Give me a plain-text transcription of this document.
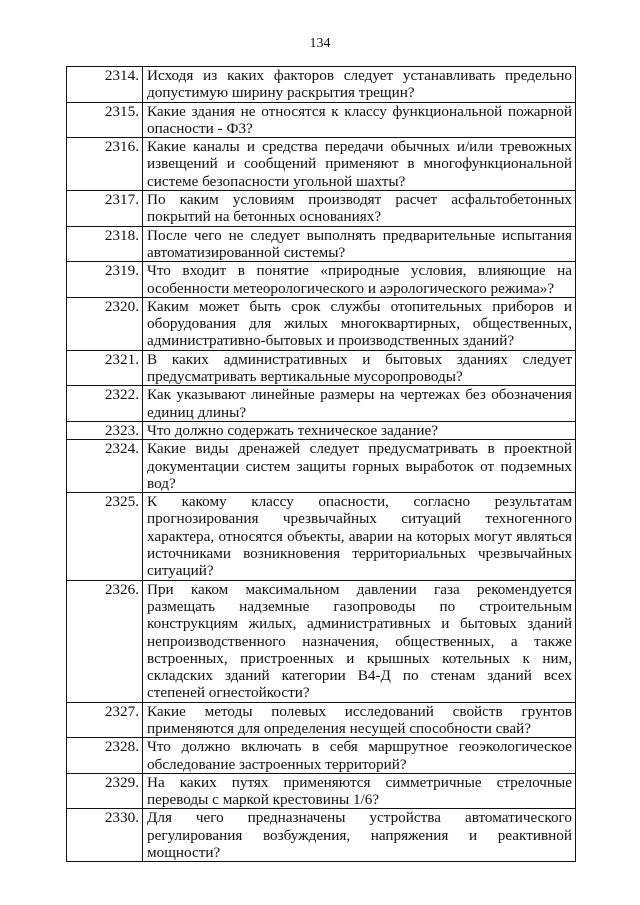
134
2314.	Исходя из каких факторов следует устанавливать предельно допустимую ширину раскрытия трещин?
2315.	Какие здания не относятся к классу функциональной пожарной опасности - Ф3?
2316.	Какие каналы и средства передачи обычных и/или тревожных извещений и сообщений применяют в многофункциональной системе безопасности угольной шахты?
2317.	По каким условиям производят расчет асфальтобетонных покрытий на бетонных основаниях?
2318.	После чего не следует выполнять предварительные испытания автоматизированной системы?
2319.	Что входит в понятие «природные условия, влияющие на особенности метеорологического и аэрологического режима»?
2320.	Каким может быть срок службы отопительных приборов и оборудования для жилых многоквартирных, общественных, административно-бытовых и производственных зданий?
2321.	В каких административных и бытовых зданиях следует предусматривать вертикальные мусоропроводы?
2322.	Как указывают линейные размеры на чертежах без обозначения единиц длины?
2323.	Что должно содержать техническое задание?
2324.	Какие виды дренажей следует предусматривать в проектной документации систем защиты горных выработок от подземных вод?
2325.	К какому классу опасности, согласно результатам прогнозирования чрезвычайных ситуаций техногенного характера, относятся объекты, аварии на которых могут являться источниками возникновения территориальных чрезвычайных ситуаций?
2326.	При каком максимальном давлении газа рекомендуется размещать надземные газопроводы по строительным конструкциям жилых, административных и бытовых зданий непроизводственного назначения, общественных, а также встроенных, пристроенных и крышных котельных к ним, складских зданий категории В4-Д по стенам зданий всех степеней огнестойкости?
2327.	Какие методы полевых исследований свойств грунтов применяются для определения несущей способности свай?
2328.	Что должно включать в себя маршрутное геоэкологическое обследование застроенных территорий?
2329.	На каких путях применяются симметричные стрелочные переводы с маркой крестовины 1/6?
2330.	Для чего предназначены устройства автоматического регулирования возбуждения, напряжения и реактивной мощности?
